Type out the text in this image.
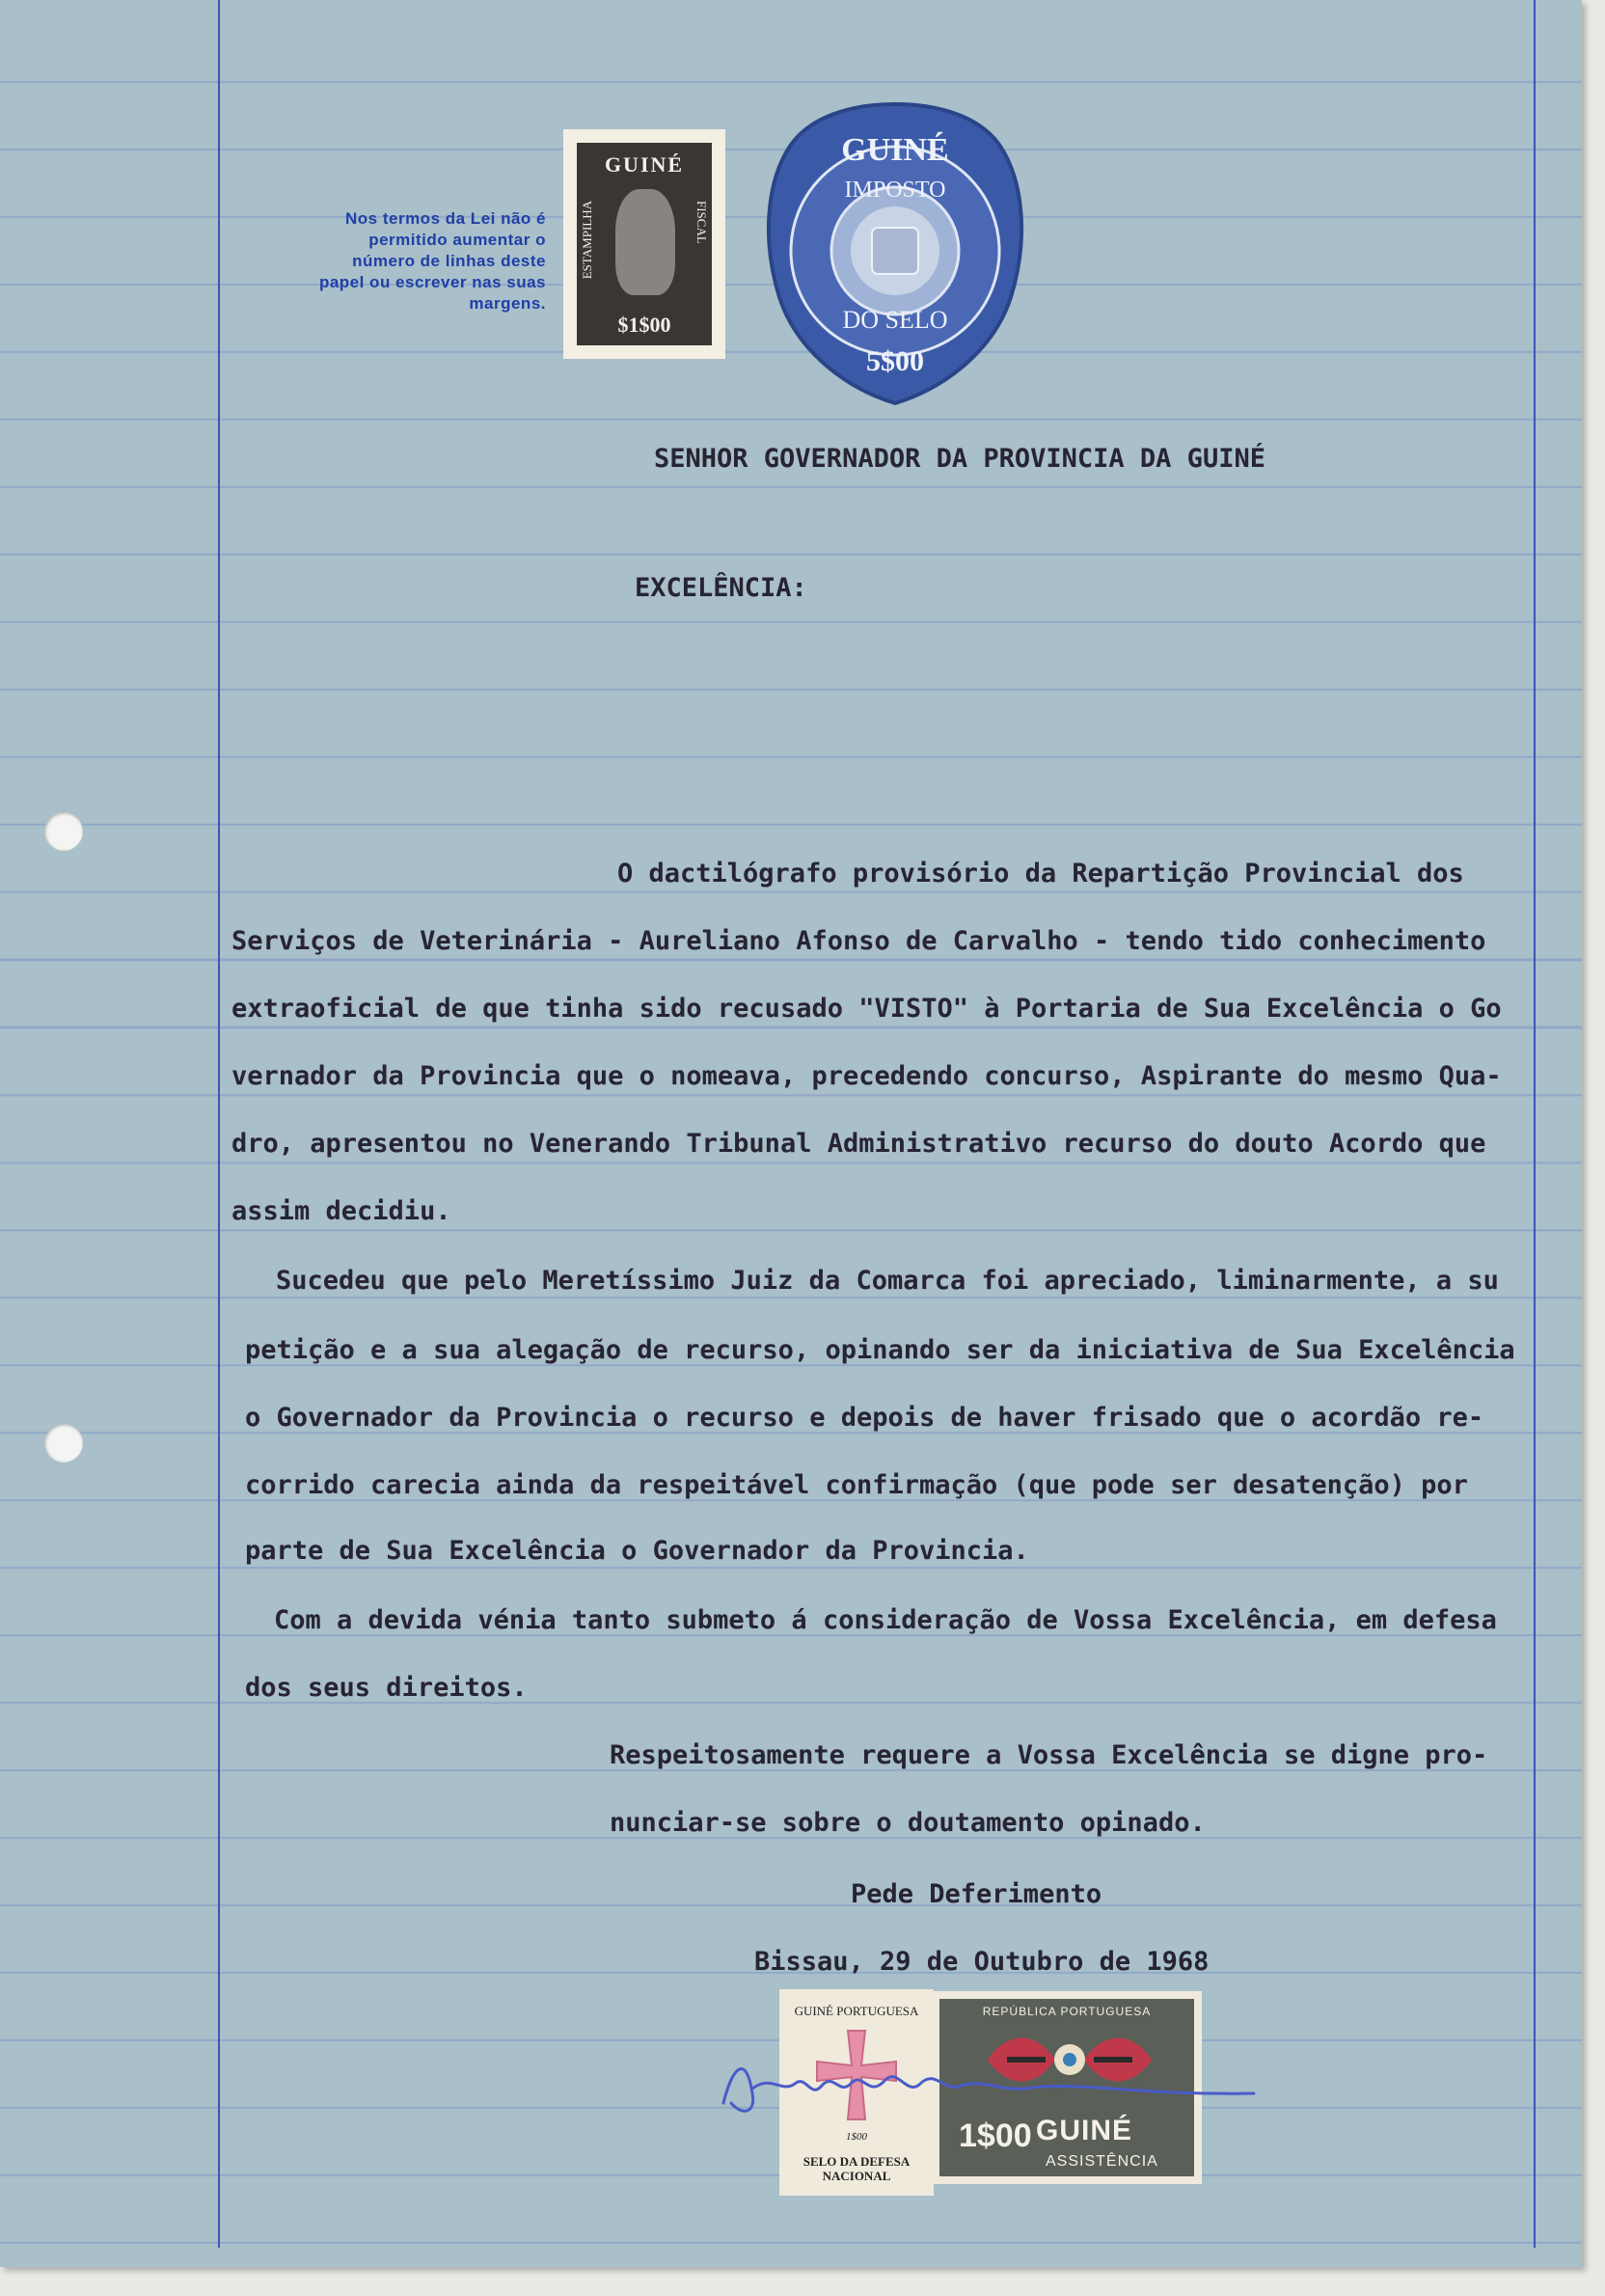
Nos termos da Lei não é permitido aumentar o número de linhas deste papel ou escrever nas suas margens.
GUINÉ
ESTAMPILHA	FISCAL
$1$00
GUINÉ
IMPOSTO
DO SELO
5$00
SENHOR GOVERNADOR DA PROVINCIA DA GUINÉ
EXCELÊNCIA:
O dactilógrafo provisório da Repartição Provincial dos
Serviços de Veterinária - Aureliano Afonso de Carvalho - tendo tido conhecimento
extraoficial de que tinha sido recusado "VISTO" à Portaria de Sua Excelência o Go
vernador da Provincia que o nomeava, precedendo concurso, Aspirante do mesmo Qua-
dro, apresentou no Venerando Tribunal Administrativo recurso do douto Acordo que
assim decidiu.
Sucedeu que pelo Meretíssimo Juiz da Comarca foi apreciado, liminarmente, a su
petição e a sua alegação de recurso, opinando ser da iniciativa de Sua Excelência
o Governador da Provincia o recurso e depois de haver frisado que o acordão re-
corrido carecia ainda da respeitável confirmação (que pode ser desatenção) por
parte de Sua Excelência o Governador da Provincia.
Com a devida vénia tanto submeto á consideração de Vossa Excelência, em defesa
dos seus direitos.
Respeitosamente requere a Vossa Excelência se digne pro-
nunciar-se sobre o doutamento opinado.
Pede Deferimento
Bissau, 29 de Outubro de 1968
GUINÉ PORTUGUESA
1$00
SELO DA DEFESA NACIONAL
REPÚBLICA PORTUGUESA
1$00 GUINÉ
ASSISTÊNCIA
